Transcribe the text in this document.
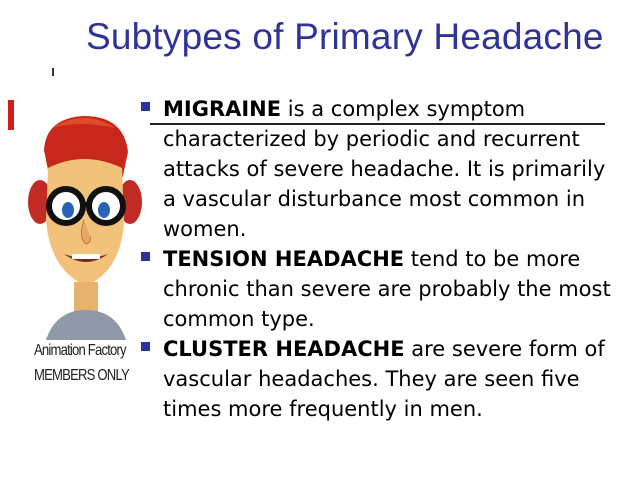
Subtypes of Primary Headache
Animation Factory
MEMBERS ONLY
MIGRAINE is a complex symptom characterized by periodic and recurrent attacks of severe headache. It is primarily a vascular disturbance most common in women.
TENSION HEADACHE tend to be more chronic than severe are probably the most common type.
CLUSTER HEADACHE are severe form of vascular headaches. They are seen five times more frequently in men.
